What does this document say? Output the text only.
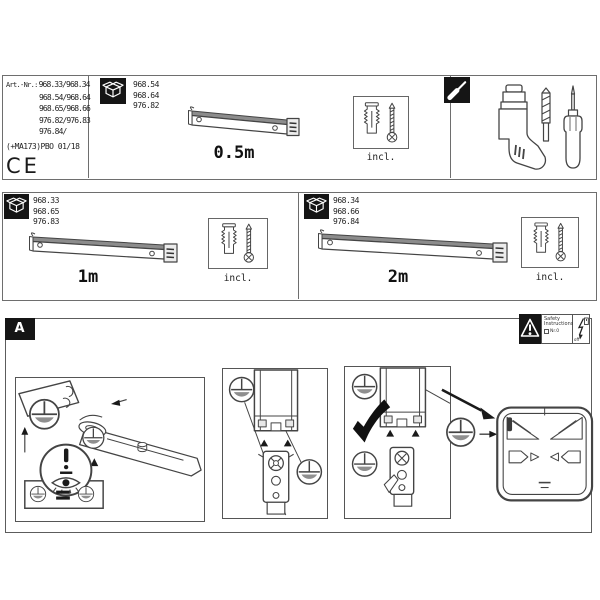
Art.-Nr.:968.33/968.34
968.54/968.64
968.65/968.66
976.82/976.83
976.84/
(+MA173)PBO 01/18
CE
968.54
968.64
976.82
0.5m	incl.
968.33
968.65
976.83
1m	incl.
968.34
968.66
976.84
2m	incl.
A
Safety Instructions
Nr.0
off
